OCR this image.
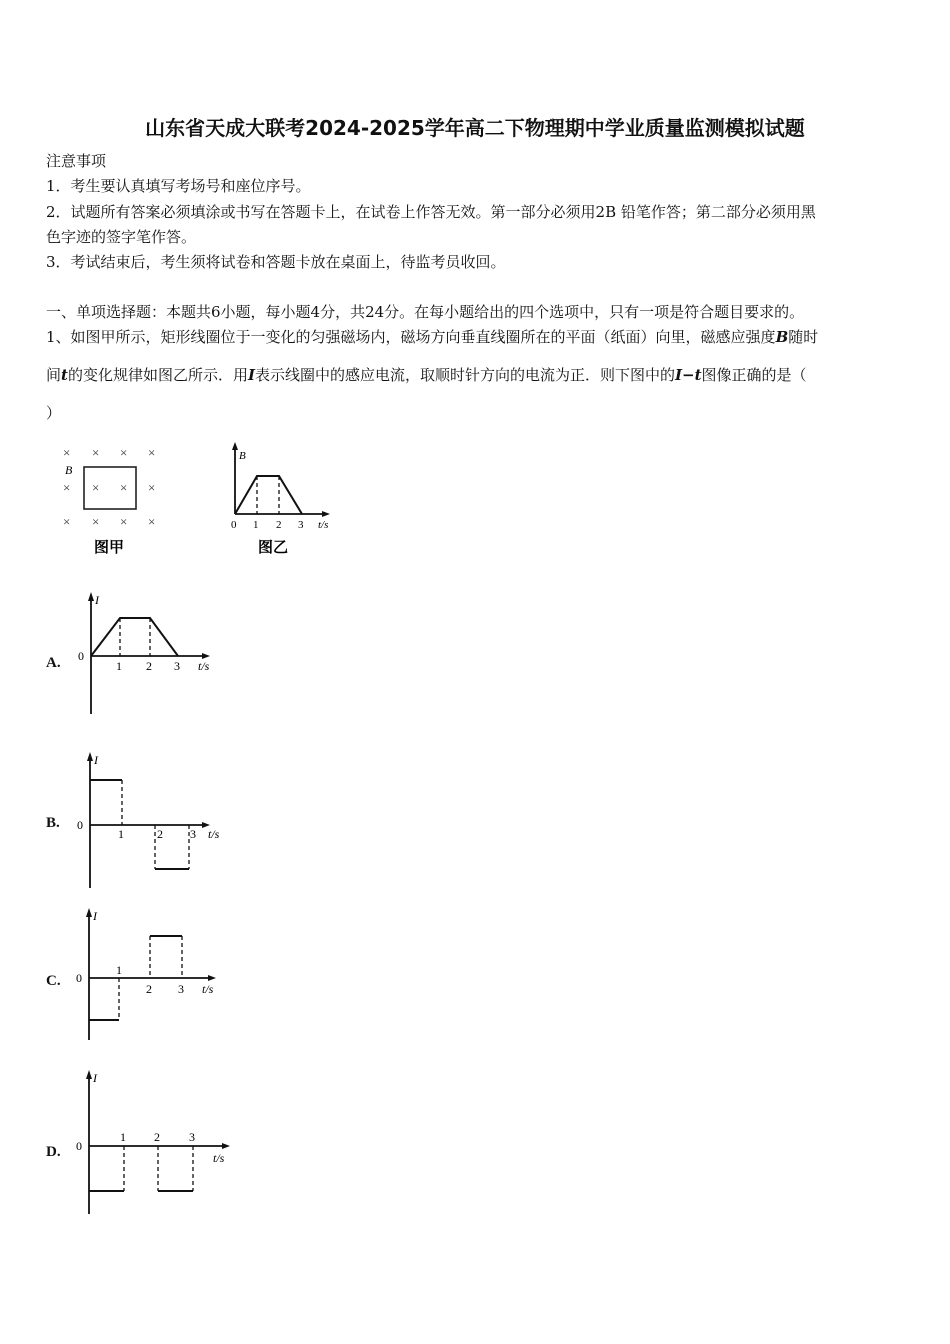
山东省天成大联考2024-2025学年高二下物理期中学业质量监测模拟试题
注意事项
1．考生要认真填写考场号和座位序号。
2．试题所有答案必须填涂或书写在答题卡上，在试卷上作答无效。第一部分必须用2B 铅笔作答；第二部分必须用黑
色字迹的签字笔作答。
3．考试结束后，考生须将试卷和答题卡放在桌面上，待监考员收回。
一、单项选择题：本题共6小题，每小题4分，共24分。在每小题给出的四个选项中，只有一项是符合题目要求的。
1、如图甲所示，矩形线圈位于一变化的匀强磁场内，磁场方向垂直线圈所在的平面（纸面）向里，磁感应强度B随时
间t的变化规律如图乙所示．用I表示线圈中的感应电流，取顺时针方向的电流为正．则下图中的I−t图像正确的是（
）
× × × ×
× × × ×
× × × ×
B
图甲
B
0 1 2 3 t/s
图乙
A.
I
0
1 2 3 t/s
B.
I
0
1	2 3 t/s
C.
I
0
1
2 3 t/s
D.
I
0
1 2 3
t/s
